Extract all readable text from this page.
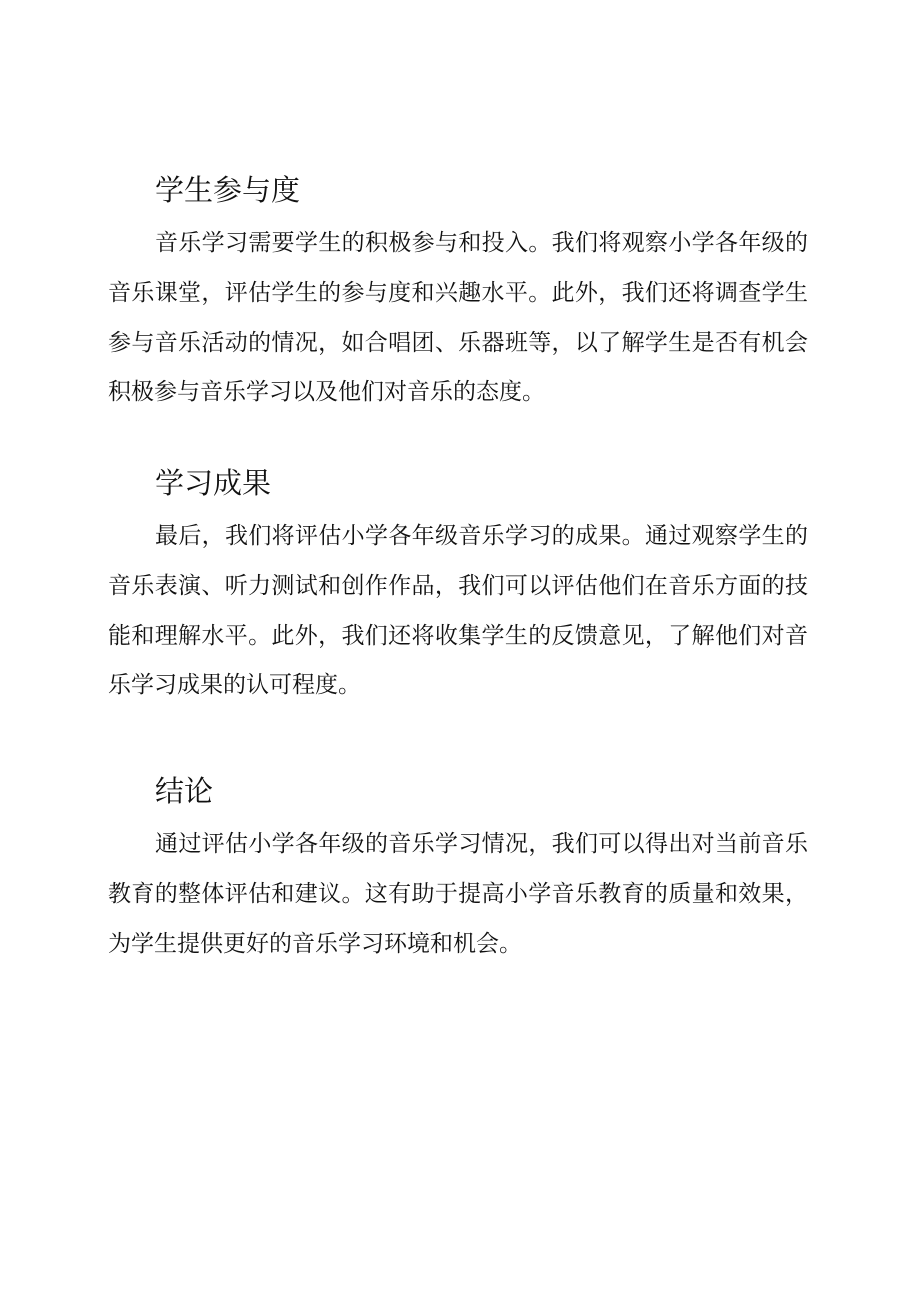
学生参与度

音乐学习需要学生的积极参与和投入。我们将观察小学各年级的音乐课堂，评估学生的参与度和兴趣水平。此外，我们还将调查学生参与音乐活动的情况，如合唱团、乐器班等，以了解学生是否有机会积极参与音乐学习以及他们对音乐的态度。

学习成果

最后，我们将评估小学各年级音乐学习的成果。通过观察学生的音乐表演、听力测试和创作作品，我们可以评估他们在音乐方面的技能和理解水平。此外，我们还将收集学生的反馈意见，了解他们对音乐学习成果的认可程度。

结论

通过评估小学各年级的音乐学习情况，我们可以得出对当前音乐教育的整体评估和建议。这有助于提高小学音乐教育的质量和效果，为学生提供更好的音乐学习环境和机会。
